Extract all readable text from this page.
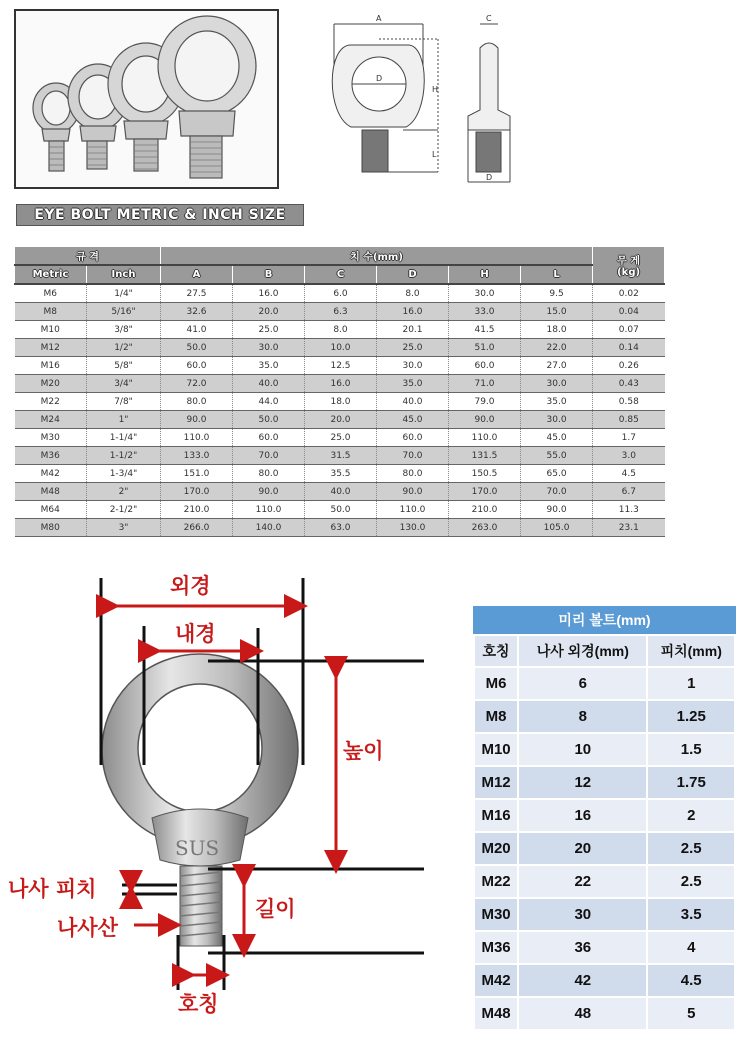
A
D
H
L
C
D
EYE BOLT METRIC & INCH SIZE
규 격		치 수(mm)						무 게
(kg)

Metric	Inch	A	B	C	D	H	L	
M6	1/4"	27.5	16.0	6.0	8.0	30.0	9.5	0.02
M8	5/16"	32.6	20.0	6.3	16.0	33.0	15.0	0.04
M10	3/8"	41.0	25.0	8.0	20.1	41.5	18.0	0.07
M12	1/2"	50.0	30.0	10.0	25.0	51.0	22.0	0.14
M16	5/8"	60.0	35.0	12.5	30.0	60.0	27.0	0.26
M20	3/4"	72.0	40.0	16.0	35.0	71.0	30.0	0.43
M22	7/8"	80.0	44.0	18.0	40.0	79.0	35.0	0.58
M24	1"	90.0	50.0	20.0	45.0	90.0	30.0	0.85
M30	1-1/4"	110.0	60.0	25.0	60.0	110.0	45.0	1.7
M36	1-1/2"	133.0	70.0	31.5	70.0	131.5	55.0	3.0
M42	1-3/4"	151.0	80.0	35.5	80.0	150.5	65.0	4.5
M48	2"	170.0	90.0	40.0	90.0	170.0	70.0	6.7
M64	2-1/2"	210.0	110.0	50.0	110.0	210.0	90.0	11.3
M80	3"	266.0	140.0	63.0	130.0	263.0	105.0	23.1
SUS
외경
내경
높이
길이
나사 피치
나사산
호칭
미리 볼트(mm)
호칭	나사 외경(mm)	피치(mm)
M6	6	1
M8	8	1.25
M10	10	1.5
M12	12	1.75
M16	16	2
M20	20	2.5
M22	22	2.5
M30	30	3.5
M36	36	4
M42	42	4.5
M48	48	5
